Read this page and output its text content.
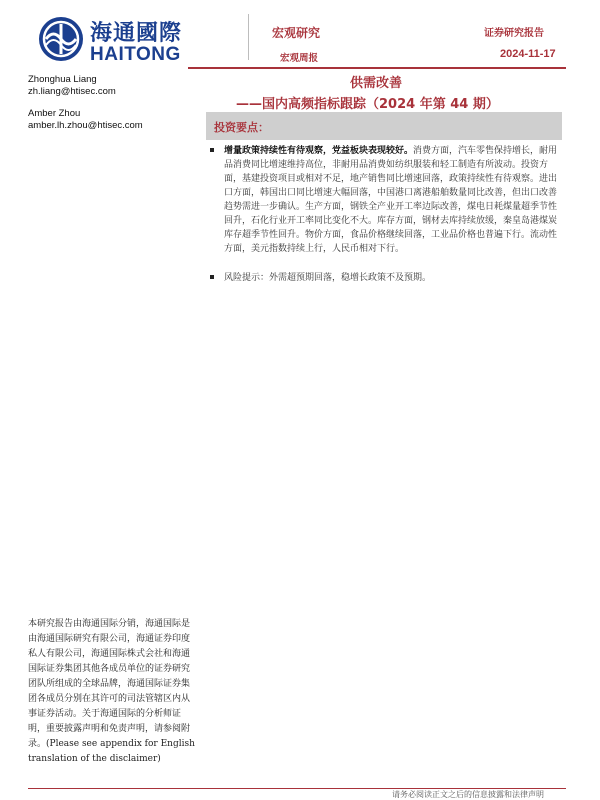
海通國際
HAITONG
宏观研究
宏观周报
证券研究报告
2024-11-17
Zhonghua Liang
zh.liang@htisec.com
Amber Zhou
amber.lh.zhou@htisec.com
供需改善
——国内高频指标跟踪（2024 年第 44 期）
投资要点：
增量政策持续性有待观察，党益板块表现较好。消费方面，汽车零售保持增长，耐用品消费同比增速维持高位，非耐用品消费如纺织服装和轻工制造有所波动。投资方面，基建投资项目或相对不足，地产销售同比增速回落，政策持续性有待观察。进出口方面，韩国出口同比增速大幅回落，中国港口离港船舶数量同比改善，但出口改善趋势需进一步确认。生产方面，钢铁全产业开工率边际改善，煤电日耗煤量超季节性回升，石化行业开工率同比变化不大。库存方面，钢材去库持续放缓，秦皇岛港煤炭库存超季节性回升。物价方面，食品价格继续回落，工业品价格也普遍下行。流动性方面，美元指数持续上行，人民币相对下行。
风险提示：外需超预期回落，稳增长政策不及预期。
本研究报告由海通国际分销，海通国际是由海通国际研究有限公司，海通证券印度私人有限公司，海通国际株式会社和海通国际证券集团其他各成员单位的证券研究团队所组成的全球品牌，海通国际证券集团各成员分别在其许可的司法管辖区内从事证券活动。关于海通国际的分析师证明，重要披露声明和免责声明，请参阅附录。(Please see appendix for English translation of the disclaimer)
请务必阅读正文之后的信息披露和法律声明
